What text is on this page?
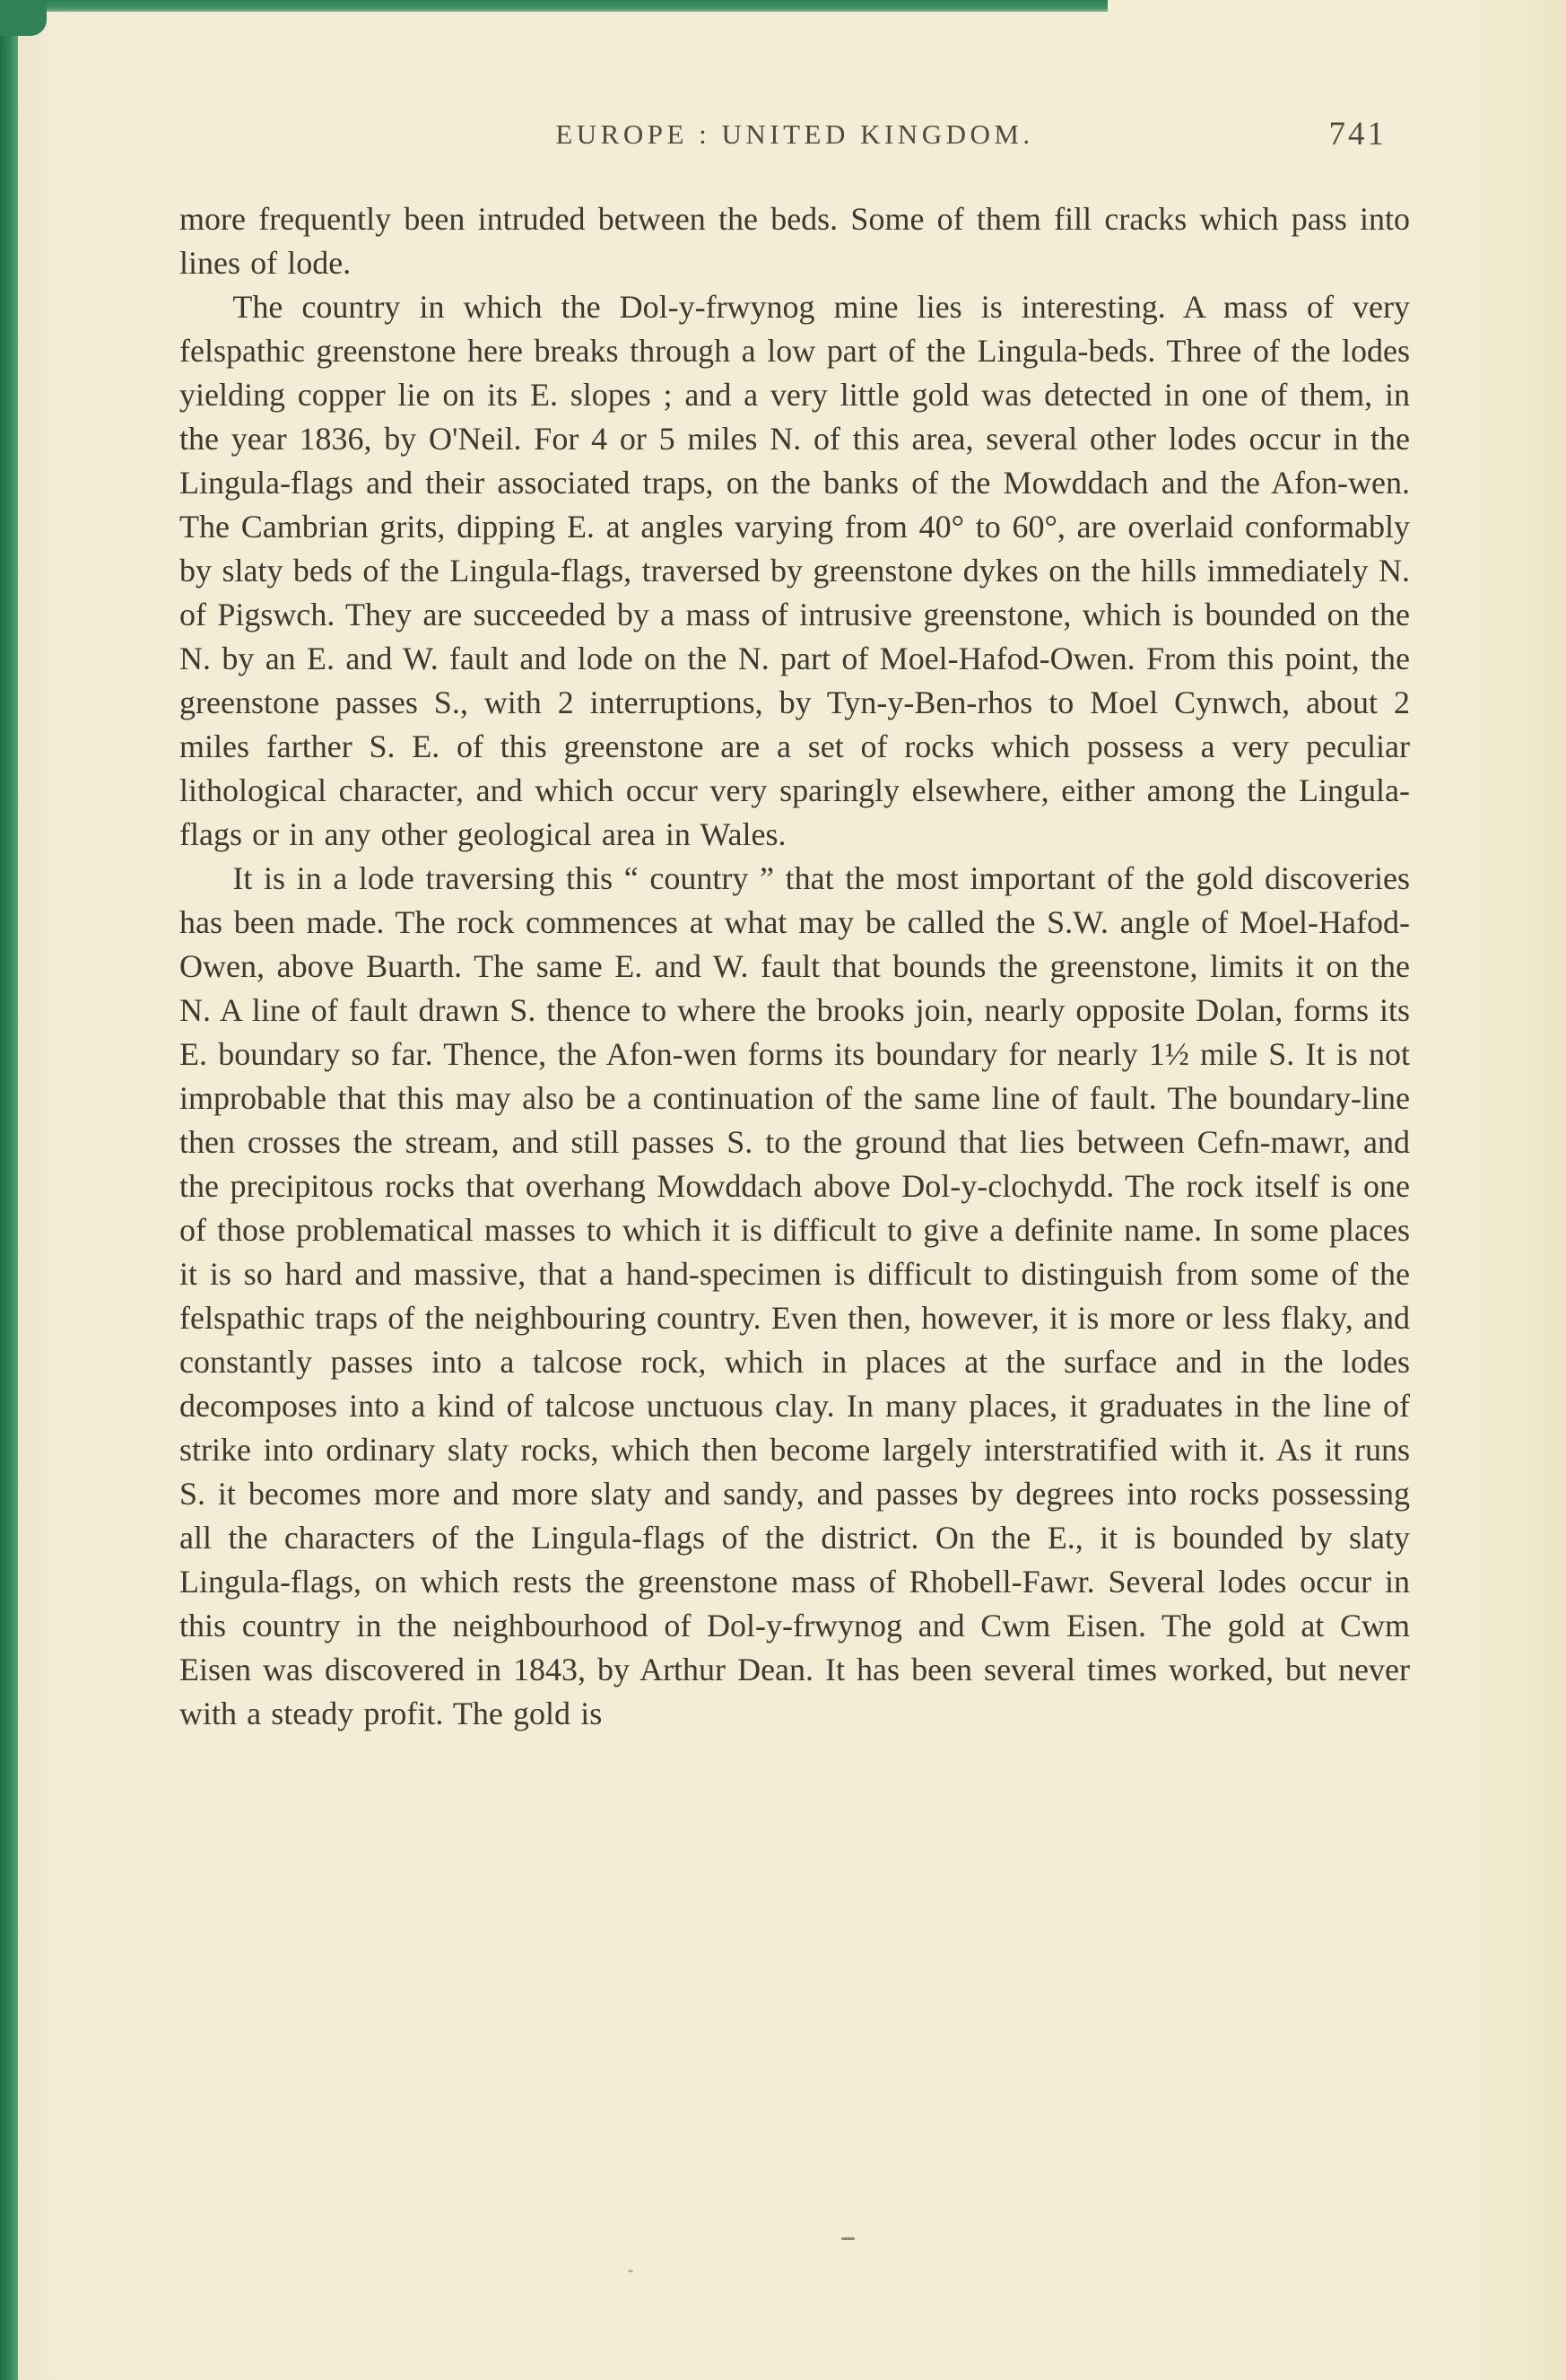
EUROPE : UNITED KINGDOM.	741

more frequently been intruded between the beds. Some of them fill cracks which pass into lines of lode.

The country in which the Dol-y-frwynog mine lies is interesting. A mass of very felspathic greenstone here breaks through a low part of the Lingula-beds. Three of the lodes yielding copper lie on its E. slopes ; and a very little gold was detected in one of them, in the year 1836, by O'Neil. For 4 or 5 miles N. of this area, several other lodes occur in the Lingula-flags and their associated traps, on the banks of the Mowddach and the Afon-wen. The Cambrian grits, dipping E. at angles varying from 40° to 60°, are overlaid conformably by slaty beds of the Lingula-flags, traversed by greenstone dykes on the hills immediately N. of Pigswch. They are succeeded by a mass of intrusive greenstone, which is bounded on the N. by an E. and W. fault and lode on the N. part of Moel-Hafod-Owen. From this point, the greenstone passes S., with 2 interruptions, by Tyn-y-Ben-rhos to Moel Cynwch, about 2 miles farther S. E. of this greenstone are a set of rocks which possess a very peculiar lithological character, and which occur very sparingly elsewhere, either among the Lingula-flags or in any other geological area in Wales.

It is in a lode traversing this “ country ” that the most important of the gold discoveries has been made. The rock commences at what may be called the S.W. angle of Moel-Hafod-Owen, above Buarth. The same E. and W. fault that bounds the greenstone, limits it on the N. A line of fault drawn S. thence to where the brooks join, nearly opposite Dolan, forms its E. boundary so far. Thence, the Afon-wen forms its boundary for nearly 1½ mile S. It is not improbable that this may also be a continuation of the same line of fault. The boundary-line then crosses the stream, and still passes S. to the ground that lies between Cefn-mawr, and the precipitous rocks that overhang Mowddach above Dol-y-clochydd. The rock itself is one of those problematical masses to which it is difficult to give a definite name. In some places it is so hard and massive, that a hand-specimen is difficult to distinguish from some of the felspathic traps of the neighbouring country. Even then, however, it is more or less flaky, and constantly passes into a talcose rock, which in places at the surface and in the lodes decomposes into a kind of talcose unctuous clay. In many places, it graduates in the line of strike into ordinary slaty rocks, which then become largely interstratified with it. As it runs S. it becomes more and more slaty and sandy, and passes by degrees into rocks possessing all the characters of the Lingula-flags of the district. On the E., it is bounded by slaty Lingula-flags, on which rests the greenstone mass of Rhobell-Fawr. Several lodes occur in this country in the neighbourhood of Dol-y-frwynog and Cwm Eisen. The gold at Cwm Eisen was discovered in 1843, by Arthur Dean. It has been several times worked, but never with a steady profit. The gold is
